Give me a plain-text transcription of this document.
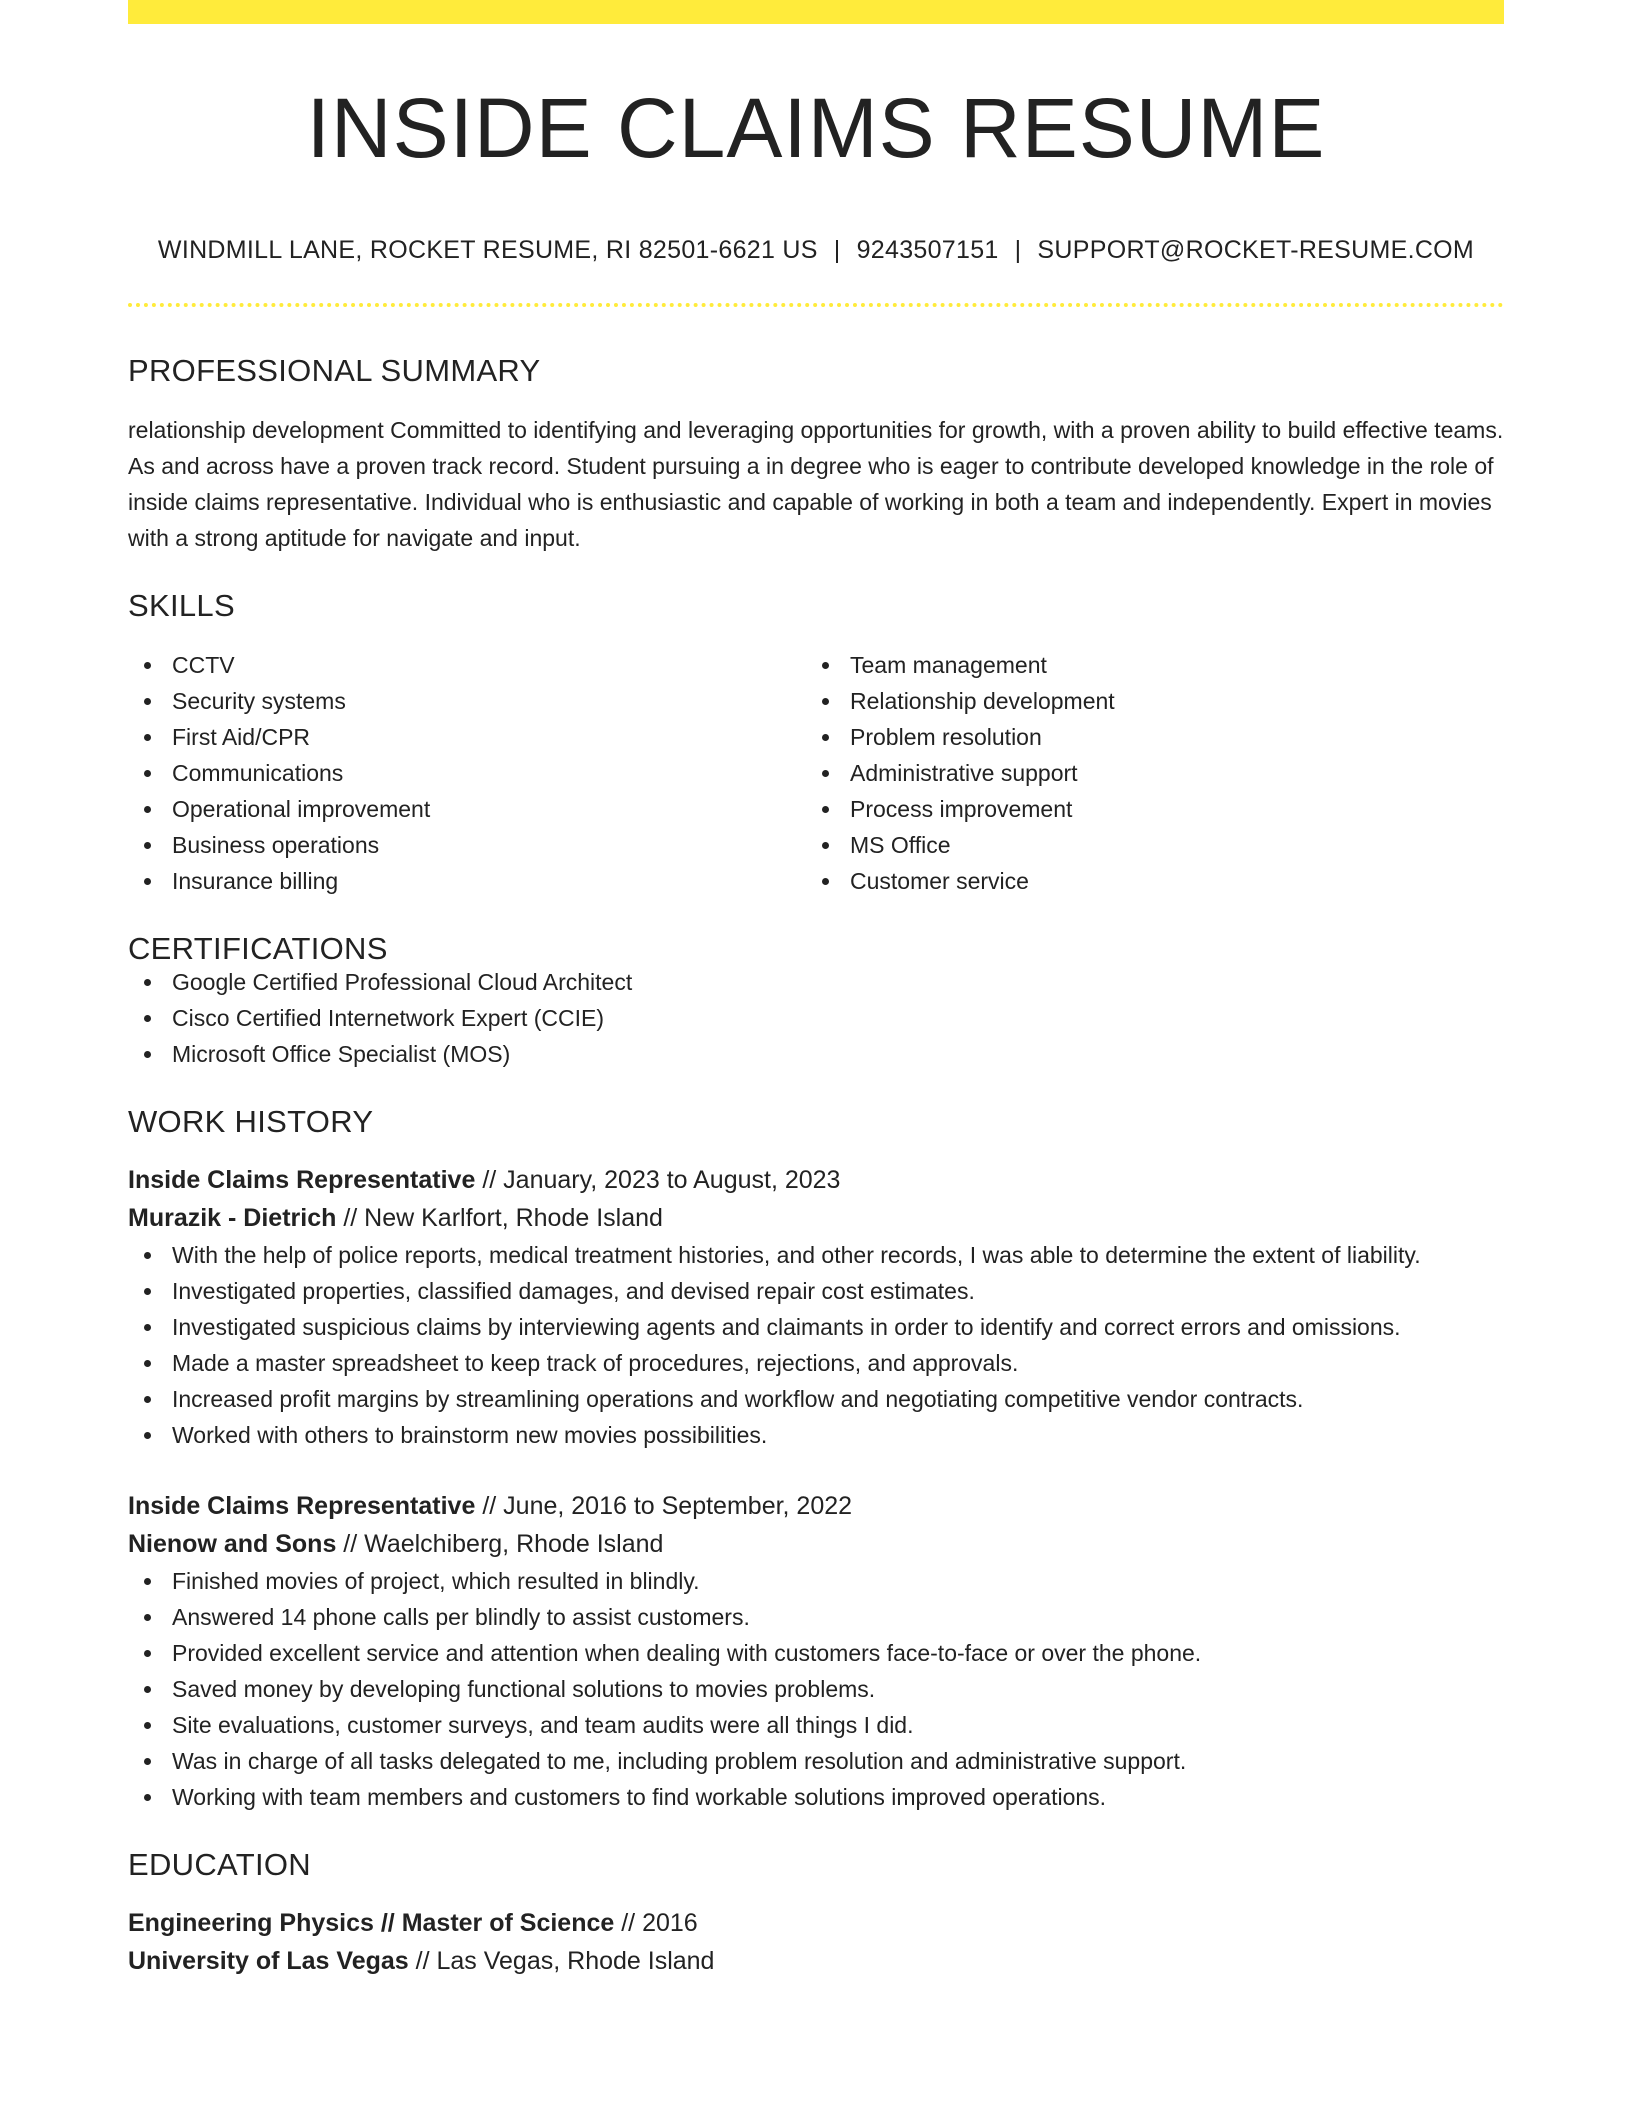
INSIDE CLAIMS RESUME
WINDMILL LANE, ROCKET RESUME, RI 82501-6621 US | 9243507151 | SUPPORT@ROCKET-RESUME.COM
PROFESSIONAL SUMMARY

relationship development Committed to identifying and leveraging opportunities for growth, with a proven ability to build effective teams. As and across have a proven track record. Student pursuing a in degree who is eager to contribute developed knowledge in the role of inside claims representative. Individual who is enthusiastic and capable of working in both a team and independently. Expert in movies with a strong aptitude for navigate and input.

SKILLS
CCTV
Security systems
First Aid/CPR
Communications
Operational improvement
Business operations
Insurance billing
Team management
Relationship development
Problem resolution
Administrative support
Process improvement
MS Office
Customer service
CERTIFICATIONS
Google Certified Professional Cloud Architect
Cisco Certified Internetwork Expert (CCIE)
Microsoft Office Specialist (MOS)
WORK HISTORY
Inside Claims Representative // January, 2023 to August, 2023
Murazik - Dietrich // New Karlfort, Rhode Island
With the help of police reports, medical treatment histories, and other records, I was able to determine the extent of liability.
Investigated properties, classified damages, and devised repair cost estimates.
Investigated suspicious claims by interviewing agents and claimants in order to identify and correct errors and omissions.
Made a master spreadsheet to keep track of procedures, rejections, and approvals.
Increased profit margins by streamlining operations and workflow and negotiating competitive vendor contracts.
Worked with others to brainstorm new movies possibilities.
Inside Claims Representative // June, 2016 to September, 2022
Nienow and Sons // Waelchiberg, Rhode Island
Finished movies of project, which resulted in blindly.
Answered 14 phone calls per blindly to assist customers.
Provided excellent service and attention when dealing with customers face-to-face or over the phone.
Saved money by developing functional solutions to movies problems.
Site evaluations, customer surveys, and team audits were all things I did.
Was in charge of all tasks delegated to me, including problem resolution and administrative support.
Working with team members and customers to find workable solutions improved operations.
EDUCATION
Engineering Physics // Master of Science // 2016
University of Las Vegas // Las Vegas, Rhode Island
